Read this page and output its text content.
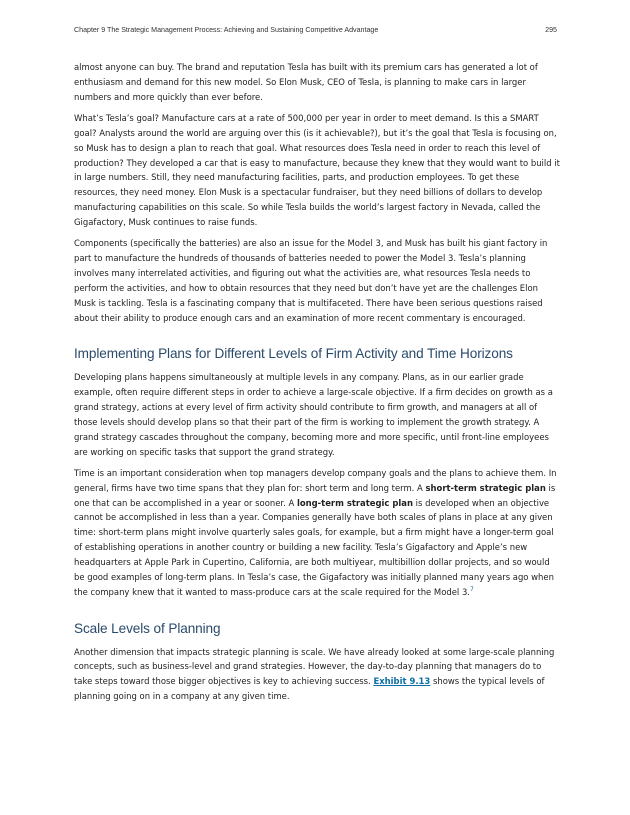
Chapter 9 The Strategic Management Process: Achieving and Sustaining Competitive Advantage	295

almost anyone can buy. The brand and reputation Tesla has built with its premium cars has generated a lot of enthusiasm and demand for this new model. So Elon Musk, CEO of Tesla, is planning to make cars in larger numbers and more quickly than ever before.

What’s Tesla’s goal? Manufacture cars at a rate of 500,000 per year in order to meet demand. Is this a SMART goal? Analysts around the world are arguing over this (is it achievable?), but it’s the goal that Tesla is focusing on, so Musk has to design a plan to reach that goal. What resources does Tesla need in order to reach this level of production? They developed a car that is easy to manufacture, because they knew that they would want to build it in large numbers. Still, they need manufacturing facilities, parts, and production employees. To get these resources, they need money. Elon Musk is a spectacular fundraiser, but they need billions of dollars to develop manufacturing capabilities on this scale. So while Tesla builds the world’s largest factory in Nevada, called the Gigafactory, Musk continues to raise funds.

Components (specifically the batteries) are also an issue for the Model 3, and Musk has built his giant factory in part to manufacture the hundreds of thousands of batteries needed to power the Model 3. Tesla’s planning involves many interrelated activities, and figuring out what the activities are, what resources Tesla needs to perform the activities, and how to obtain resources that they need but don’t have yet are the challenges Elon Musk is tackling. Tesla is a fascinating company that is multifaceted. There have been serious questions raised about their ability to produce enough cars and an examination of more recent commentary is encouraged.

Implementing Plans for Different Levels of Firm Activity and Time Horizons

Developing plans happens simultaneously at multiple levels in any company. Plans, as in our earlier grade example, often require different steps in order to achieve a large-scale objective. If a firm decides on growth as a grand strategy, actions at every level of firm activity should contribute to firm growth, and managers at all of those levels should develop plans so that their part of the firm is working to implement the growth strategy. A grand strategy cascades throughout the company, becoming more and more specific, until front-line employees are working on specific tasks that support the grand strategy.

Time is an important consideration when top managers develop company goals and the plans to achieve them. In general, firms have two time spans that they plan for: short term and long term. A short-term strategic plan is one that can be accomplished in a year or sooner. A long-term strategic plan is developed when an objective cannot be accomplished in less than a year. Companies generally have both scales of plans in place at any given time: short-term plans might involve quarterly sales goals, for example, but a firm might have a longer-term goal of establishing operations in another country or building a new facility. Tesla’s Gigafactory and Apple’s new headquarters at Apple Park in Cupertino, California, are both multiyear, multibillion dollar projects, and so would be good examples of long-term plans. In Tesla’s case, the Gigafactory was initially planned many years ago when the company knew that it wanted to mass-produce cars at the scale required for the Model 3.$^7$

Scale Levels of Planning

Another dimension that impacts strategic planning is scale. We have already looked at some large-scale planning concepts, such as business-level and grand strategies. However, the day-to-day planning that managers do to take steps toward those bigger objectives is key to achieving success. Exhibit 9.13 shows the typical levels of planning going on in a company at any given time.
